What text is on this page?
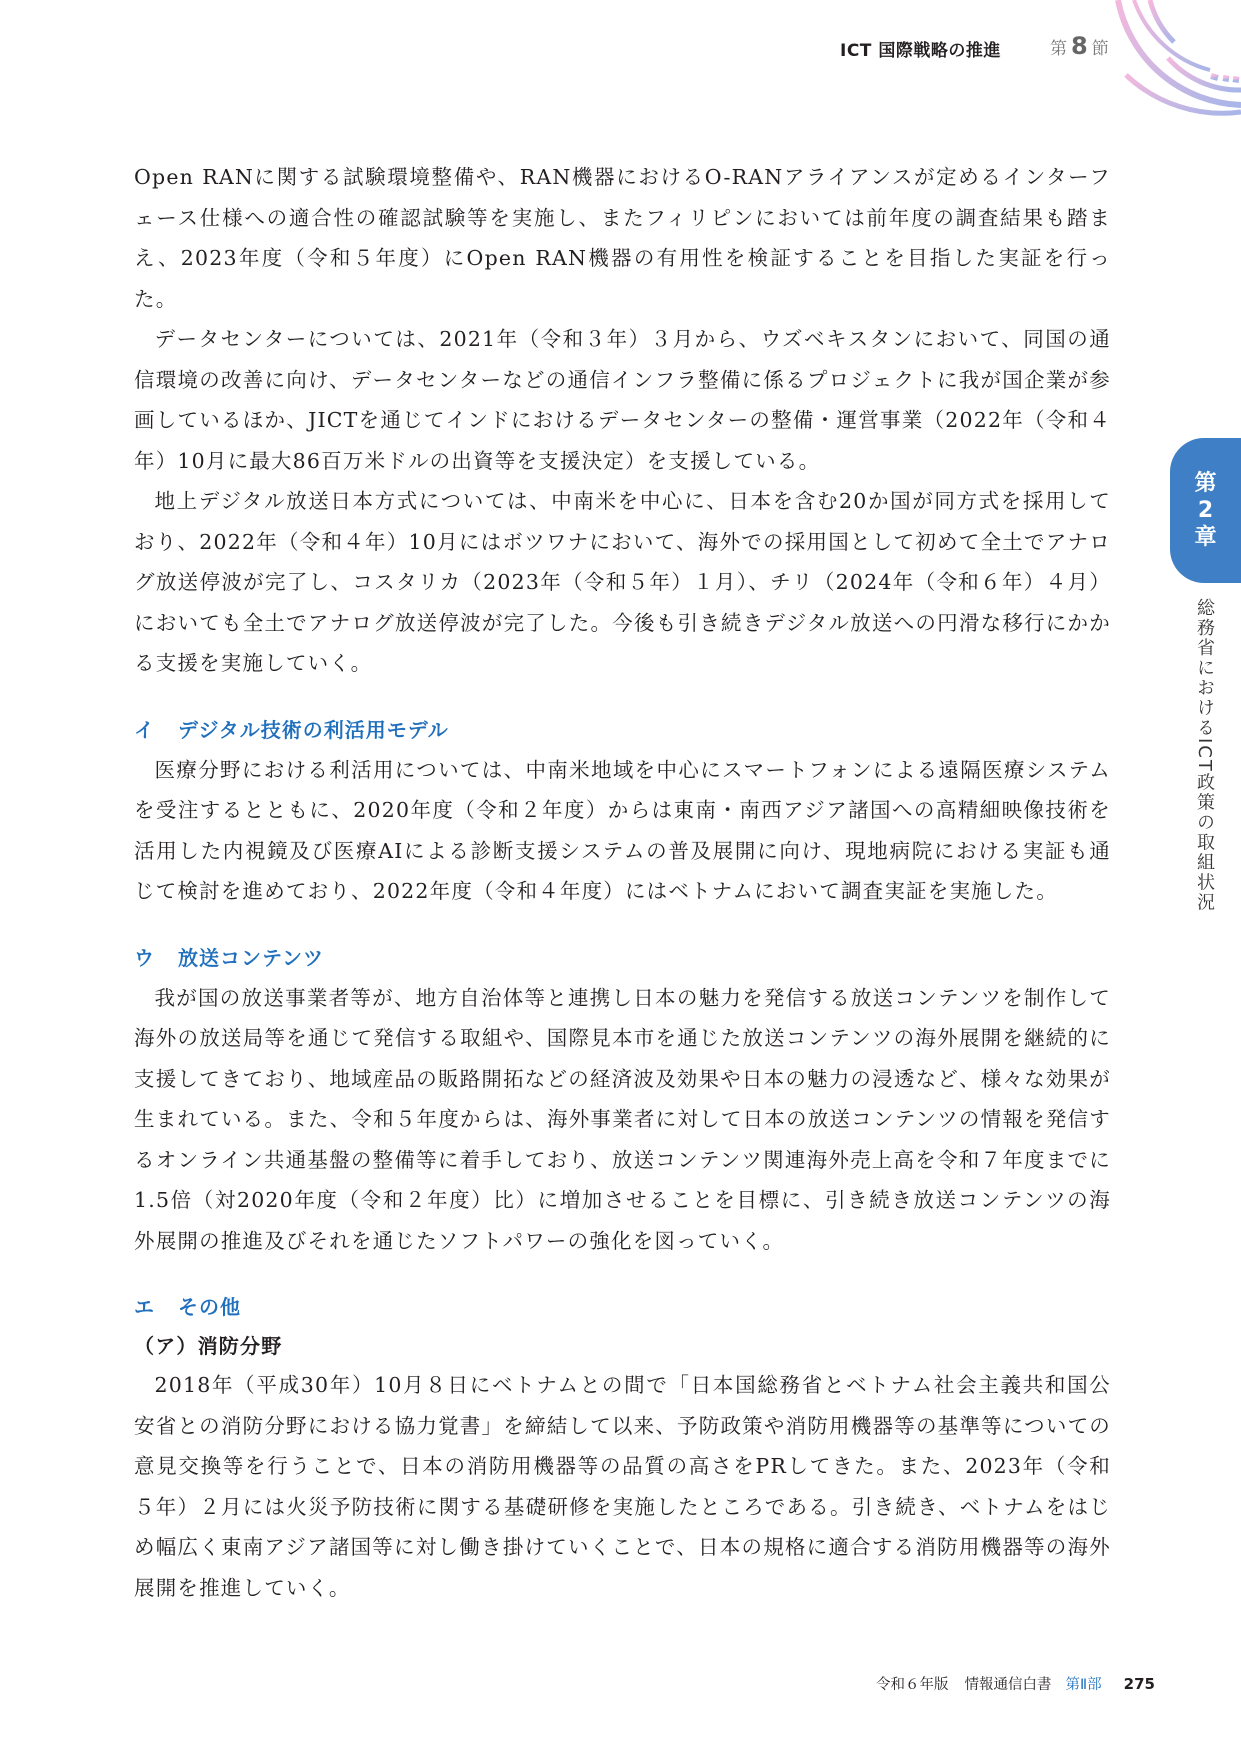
ICT 国際戦略の推進	第 8 節
第
2
章
総務省におけるICT政策の取組状況

Open RANに関する試験環境整備や、RAN機器におけるO-RANアライアンスが定めるインターフェース仕様への適合性の確認試験等を実施し、またフィリピンにおいては前年度の調査結果も踏まえ、2023年度（令和５年度）にOpen RAN機器の有用性を検証することを目指した実証を行った。

データセンターについては、2021年（令和３年）３月から、ウズベキスタンにおいて、同国の通信環境の改善に向け、データセンターなどの通信インフラ整備に係るプロジェクトに我が国企業が参画しているほか、JICTを通じてインドにおけるデータセンターの整備・運営事業（2022年（令和４年）10月に最大86百万米ドルの出資等を支援決定）を支援している。

地上デジタル放送日本方式については、中南米を中心に、日本を含む20か国が同方式を採用しており、2022年（令和４年）10月にはボツワナにおいて、海外での採用国として初めて全土でアナログ放送停波が完了し、コスタリカ（2023年（令和５年）１月）、チリ（2024年（令和６年）４月）においても全土でアナログ放送停波が完了した。今後も引き続きデジタル放送への円滑な移行にかかる支援を実施していく。

イ デジタル技術の利活用モデル

医療分野における利活用については、中南米地域を中心にスマートフォンによる遠隔医療システムを受注するとともに、2020年度（令和２年度）からは東南・南西アジア諸国への高精細映像技術を活用した内視鏡及び医療AIによる診断支援システムの普及展開に向け、現地病院における実証も通じて検討を進めており、2022年度（令和４年度）にはベトナムにおいて調査実証を実施した。

ウ 放送コンテンツ

我が国の放送事業者等が、地方自治体等と連携し日本の魅力を発信する放送コンテンツを制作して海外の放送局等を通じて発信する取組や、国際見本市を通じた放送コンテンツの海外展開を継続的に支援してきており、地域産品の販路開拓などの経済波及効果や日本の魅力の浸透など、様々な効果が生まれている。また、令和５年度からは、海外事業者に対して日本の放送コンテンツの情報を発信するオンライン共通基盤の整備等に着手しており、放送コンテンツ関連海外売上高を令和７年度までに1.5倍（対2020年度（令和２年度）比）に増加させることを目標に、引き続き放送コンテンツの海外展開の推進及びそれを通じたソフトパワーの強化を図っていく。

エ その他
（ア）消防分野

2018年（平成30年）10月８日にベトナムとの間で「日本国総務省とベトナム社会主義共和国公安省との消防分野における協力覚書」を締結して以来、予防政策や消防用機器等の基準等についての意見交換等を行うことで、日本の消防用機器等の品質の高さをPRしてきた。また、2023年（令和５年）２月には火災予防技術に関する基礎研修を実施したところである。引き続き、ベトナムをはじめ幅広く東南アジア諸国等に対し働き掛けていくことで、日本の規格に適合する消防用機器等の海外展開を推進していく。

令和６年版 情報通信白書 第Ⅱ部 275
